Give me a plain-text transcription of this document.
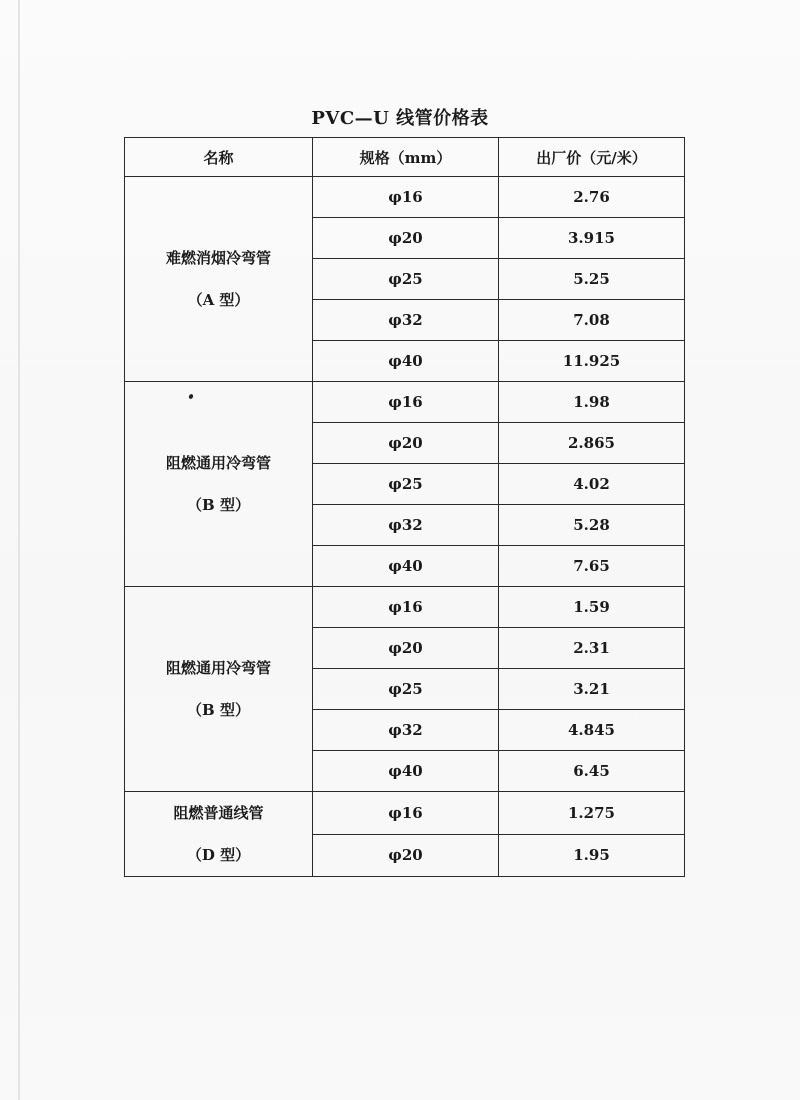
PVC—U 线管价格表
名称	规格（mm）	出厂价（元/米）

难燃消烟冷弯管
（A 型）	φ16	2.76
	φ20	3.915
	φ25	5.25
	φ32	7.08
	φ40	11.925

阻燃通用冷弯管
（B 型）	φ16	1.98
	φ20	2.865
	φ25	4.02
	φ32	5.28
	φ40	7.65

阻燃通用冷弯管
（B 型）	φ16	1.59
	φ20	2.31
	φ25	3.21
	φ32	4.845
	φ40	6.45

阻燃普通线管
（D 型）	φ16	1.275
	φ20	1.95
